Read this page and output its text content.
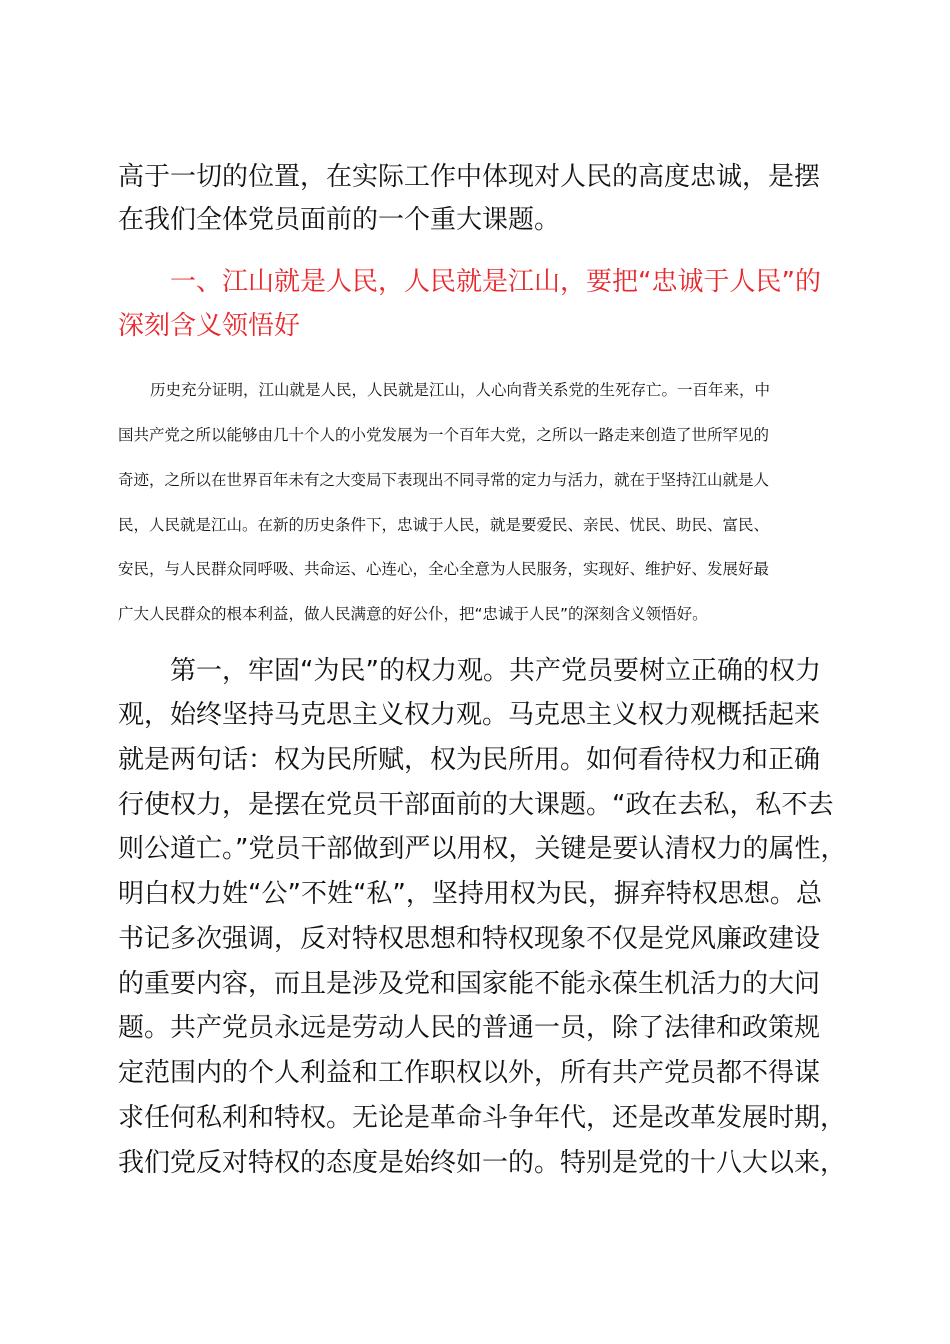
高于一切的位置，在实际工作中体现对人民的高度忠诚，是摆

在我们全体党员面前的一个重大课题。

一、江山就是人民，人民就是江山，要把“忠诚于人民”的

深刻含义领悟好

历史充分证明，江山就是人民，人民就是江山，人心向背关系党的生死存亡。一百年来，中

国共产党之所以能够由几十个人的小党发展为一个百年大党，之所以一路走来创造了世所罕见的

奇迹，之所以在世界百年未有之大变局下表现出不同寻常的定力与活力，就在于坚持江山就是人

民，人民就是江山。在新的历史条件下，忠诚于人民，就是要爱民、亲民、忧民、助民、富民、

安民，与人民群众同呼吸、共命运、心连心，全心全意为人民服务，实现好、维护好、发展好最

广大人民群众的根本利益，做人民满意的好公仆，把“忠诚于人民”的深刻含义领悟好。

第一，牢固“为民”的权力观。共产党员要树立正确的权力

观，始终坚持马克思主义权力观。马克思主义权力观概括起来

就是两句话：权为民所赋，权为民所用。如何看待权力和正确

行使权力，是摆在党员干部面前的大课题。“政在去私，私不去

则公道亡。”党员干部做到严以用权，关键是要认清权力的属性，

明白权力姓“公”不姓“私”，坚持用权为民，摒弃特权思想。总

书记多次强调，反对特权思想和特权现象不仅是党风廉政建设

的重要内容，而且是涉及党和国家能不能永葆生机活力的大问

题。共产党员永远是劳动人民的普通一员，除了法律和政策规

定范围内的个人利益和工作职权以外，所有共产党员都不得谋

求任何私利和特权。无论是革命斗争年代，还是改革发展时期，

我们党反对特权的态度是始终如一的。特别是党的十八大以来，
